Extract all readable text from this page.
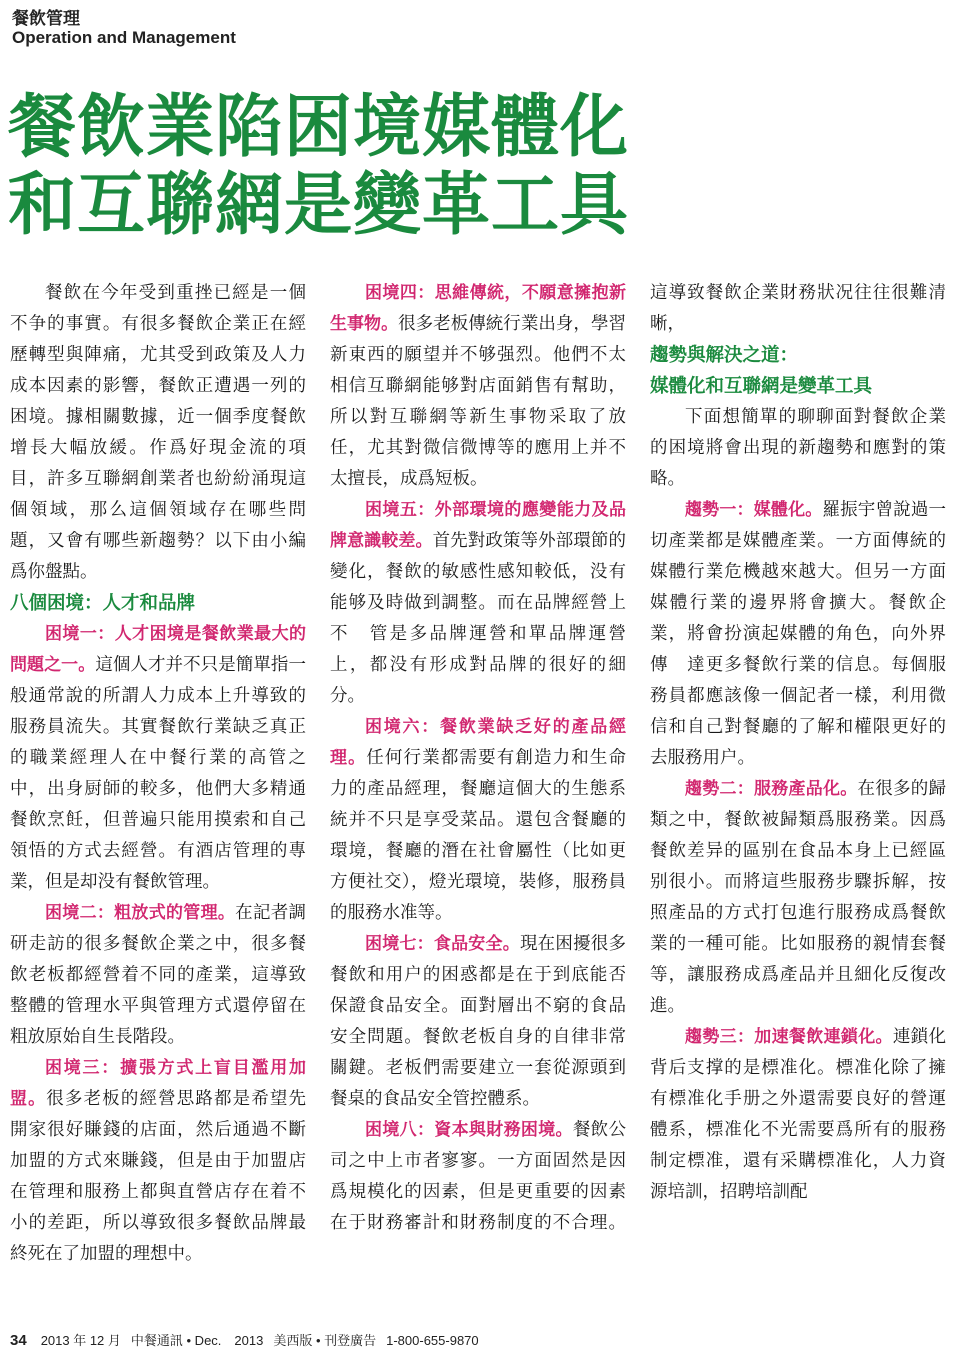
餐飲管理
Operation and Management
餐飲業陷困境媒體化
和互聯網是變革工具

餐飲在今年受到重挫已經是一個不争的事實。有很多餐飲企業正在經歷轉型與陣痛，尤其受到政策及人力成本因素的影響，餐飲正遭遇一列的困境。據相關數據，近一個季度餐飲增長大幅放緩。作爲好現金流的項目，許多互聯網創業者也紛紛涌現這個領域，那么這個領域存在哪些問題，又會有哪些新趨勢？以下由小編爲你盤點。

八個困境：人才和品牌

困境一：人才困境是餐飲業最大的問題之一。這個人才并不只是簡單指一般通常說的所謂人力成本上升導致的服務員流失。其實餐飲行業缺乏真正的職業經理人在中餐行業的高管之中，出身厨師的較多，他們大多精通餐飲烹飪，但普遍只能用摸索和自己領悟的方式去經營。有酒店管理的專業，但是却没有餐飲管理。

困境二：粗放式的管理。在記者調研走訪的很多餐飲企業之中，很多餐飲老板都經營着不同的產業，這導致整體的管理水平與管理方式還停留在粗放原始自生長階段。

困境三：擴張方式上盲目濫用加盟。很多老板的經營思路都是希望先開家很好賺錢的店面，然后通過不斷加盟的方式來賺錢，但是由于加盟店在管理和服務上都與直營店存在着不小的差距，所以導致很多餐飲品牌最終死在了加盟的理想中。

困境四：思維傳統，不願意擁抱新生事物。很多老板傳統行業出身，學習新東西的願望并不够强烈。他們不太相信互聯網能够對店面銷售有幫助，所以對互聯網等新生事物采取了放任，尤其對微信微博等的應用上并不太擅長，成爲短板。

困境五：外部環境的應變能力及品牌意識較差。首先對政策等外部環節的變化，餐飲的敏感性感知較低，没有能够及時做到調整。而在品牌經營上不　管是多品牌運營和單品牌運營上，都没有形成對品牌的很好的細分。

困境六：餐飲業缺乏好的產品經理。任何行業都需要有創造力和生命力的產品經理，餐廳這個大的生態系統并不只是享受菜品。還包含餐廳的環境，餐廳的潛在社會屬性（比如更方便社交），燈光環境，裝修，服務員的服務水准等。

困境七：食品安全。現在困擾很多餐飲和用户的困惑都是在于到底能否保證食品安全。面對層出不窮的食品安全問題。餐飲老板自身的自律非常關鍵。老板們需要建立一套從源頭到餐桌的食品安全管控體系。

困境八：資本與財務困境。餐飲公司之中上市者寥寥。一方面固然是因爲規模化的因素，但是更重要的因素在于財務審計和財務制度的不合理。這導致餐飲企業財務狀况往往很難清晰，

趨勢與解決之道：
媒體化和互聯網是變革工具

下面想簡單的聊聊面對餐飲企業的困境將會出現的新趨勢和應對的策略。

趨勢一：媒體化。羅振宇曾說過一切產業都是媒體產業。一方面傳統的媒體行業危機越來越大。但另一方面媒體行業的邊界將會擴大。餐飲企業，將會扮演起媒體的角色，向外界傳　達更多餐飲行業的信息。每個服務員都應該像一個記者一樣，利用微信和自己對餐廳的了解和權限更好的去服務用户。

趨勢二：服務產品化。在很多的歸類之中，餐飲被歸類爲服務業。因爲餐飲差异的區别在食品本身上已經區别很小。而將這些服務步驟拆解，按照產品的方式打包進行服務成爲餐飲業的一種可能。比如服務的親情套餐等，讓服務成爲產品并且細化反復改進。

趨勢三：加速餐飲連鎖化。連鎖化背后支撑的是標准化。標准化除了擁有標准化手册之外還需要良好的營運體系，標准化不光需要爲所有的服務制定標准，還有采購標准化，人力資源培訓，招聘培訓配

34 2013 年 12 月 中餐通訊 • Dec.　2013 美西版 • 刊登廣告 1-800-655-9870
